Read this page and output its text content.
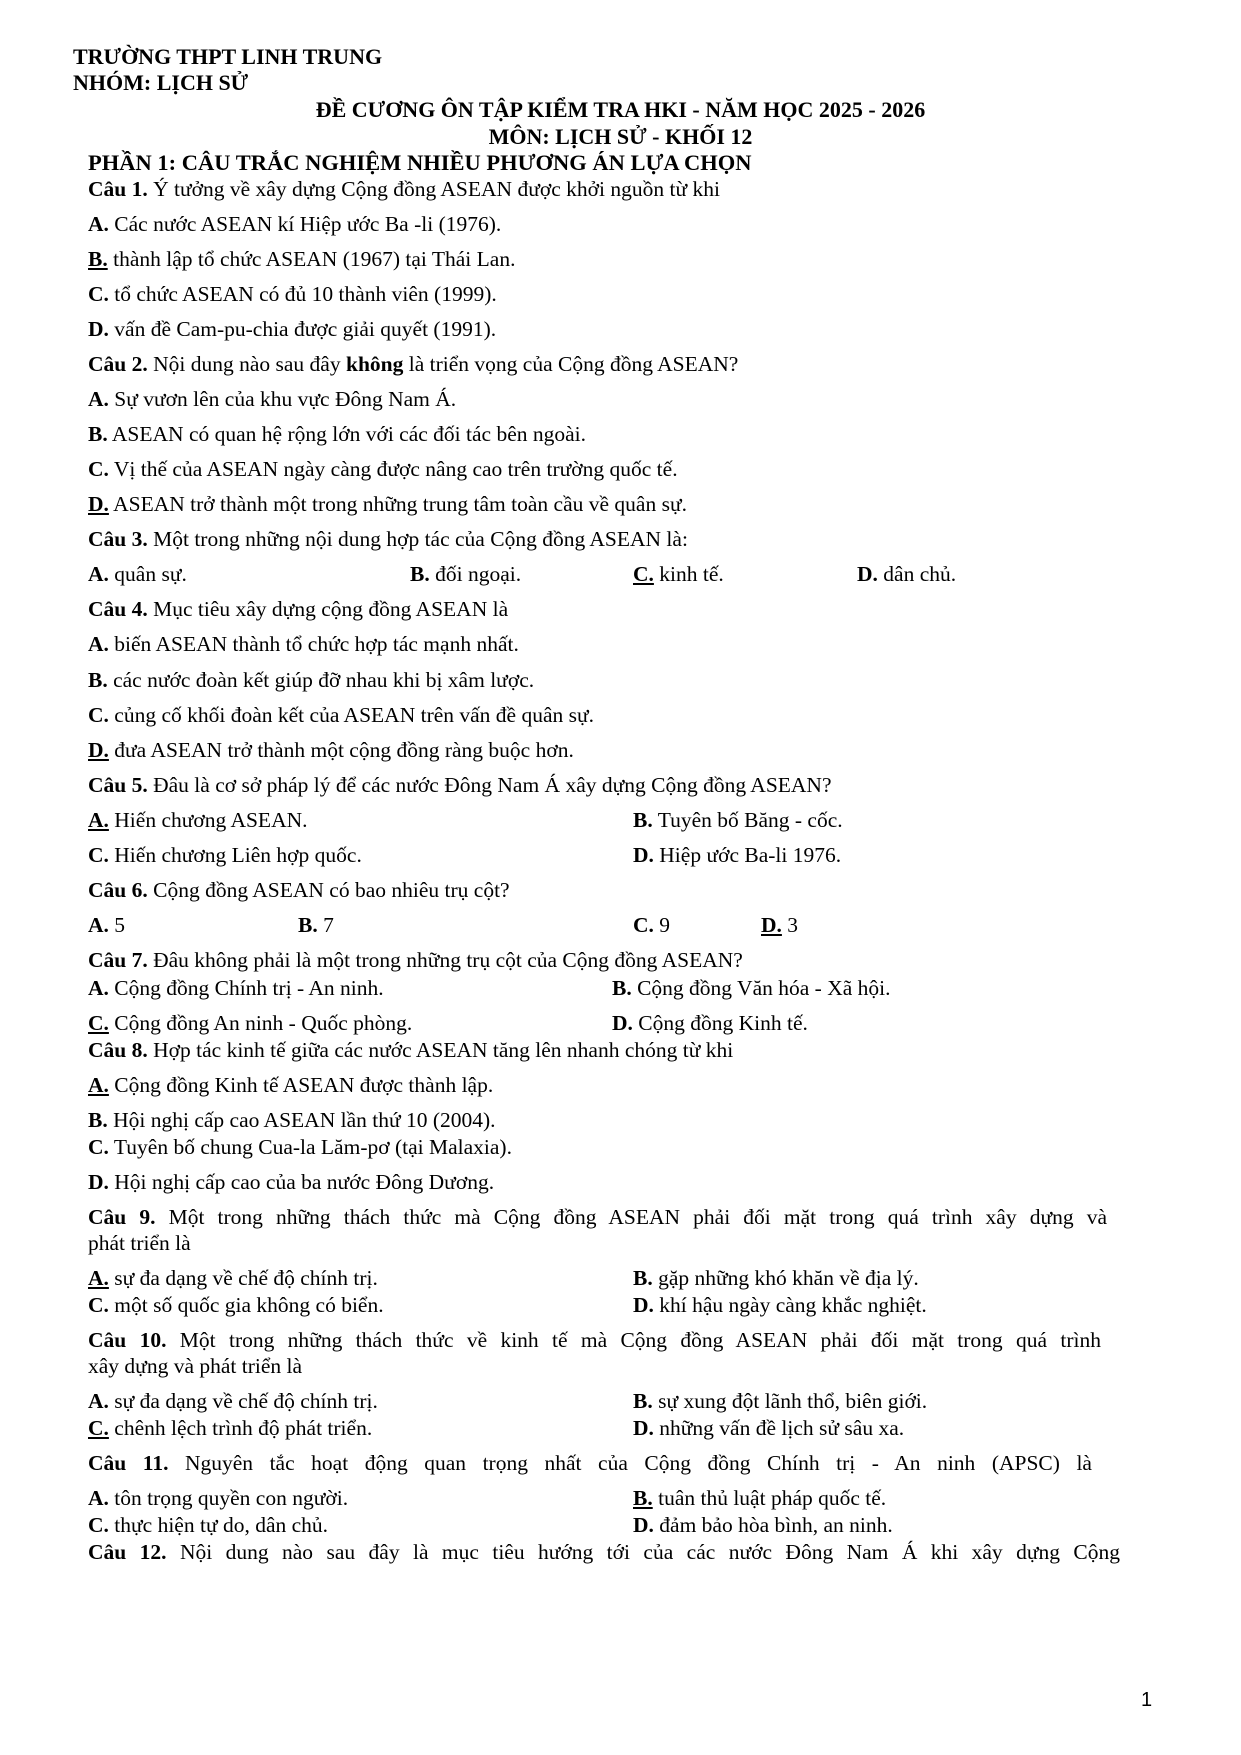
TRƯỜNG THPT LINH TRUNG
NHÓM: LỊCH SỬ
ĐỀ CƯƠNG ÔN TẬP KIỂM TRA HKI - NĂM HỌC 2025 - 2026
MÔN: LỊCH SỬ - KHỐI 12
PHẦN 1: CÂU TRẮC NGHIỆM NHIỀU PHƯƠNG ÁN LỰA CHỌN
Câu 1. Ý tưởng về xây dựng Cộng đồng ASEAN được khởi nguồn từ khi
A. Các nước ASEAN kí Hiệp ước Ba -li (1976).
B. thành lập tổ chức ASEAN (1967) tại Thái Lan.
C. tổ chức ASEAN có đủ 10 thành viên (1999).
D. vấn đề Cam-pu-chia được giải quyết (1991).
Câu 2. Nội dung nào sau đây không là triển vọng của Cộng đồng ASEAN?
A. Sự vươn lên của khu vực Đông Nam Á.
B. ASEAN có quan hệ rộng lớn với các đối tác bên ngoài.
C. Vị thế của ASEAN ngày càng được nâng cao trên trường quốc tế.
D. ASEAN trở thành một trong những trung tâm toàn cầu về quân sự.
Câu 3. Một trong những nội dung hợp tác của Cộng đồng ASEAN là:
A. quân sự.	B. đối ngoại.	C. kinh tế.	D. dân chủ.
Câu 4. Mục tiêu xây dựng cộng đồng ASEAN là
A. biến ASEAN thành tổ chức hợp tác mạnh nhất.
B. các nước đoàn kết giúp đỡ nhau khi bị xâm lược.
C. củng cố khối đoàn kết của ASEAN trên vấn đề quân sự.
D. đưa ASEAN trở thành một cộng đồng ràng buộc hơn.
Câu 5. Đâu là cơ sở pháp lý để các nước Đông Nam Á xây dựng Cộng đồng ASEAN?
A. Hiến chương ASEAN.	B. Tuyên bố Băng - cốc.
C. Hiến chương Liên hợp quốc.	D. Hiệp ước Ba-li 1976.
Câu 6. Cộng đồng ASEAN có bao nhiêu trụ cột?
A. 5	B. 7	C. 9	D. 3
Câu 7. Đâu không phải là một trong những trụ cột của Cộng đồng ASEAN?
A. Cộng đồng Chính trị - An ninh.	B. Cộng đồng Văn hóa - Xã hội.
C. Cộng đồng An ninh - Quốc phòng.	D. Cộng đồng Kinh tế.
Câu 8. Hợp tác kinh tế giữa các nước ASEAN tăng lên nhanh chóng từ khi
A. Cộng đồng Kinh tế ASEAN được thành lập.
B. Hội nghị cấp cao ASEAN lần thứ 10 (2004).
C. Tuyên bố chung Cua-la Lăm-pơ (tại Malaxia).
D. Hội nghị cấp cao của ba nước Đông Dương.
Câu 9. Một trong những thách thức mà Cộng đồng ASEAN phải đối mặt trong quá trình xây dựng và
phát triển là
A. sự đa dạng về chế độ chính trị.	B. gặp những khó khăn về địa lý.
C. một số quốc gia không có biển.	D. khí hậu ngày càng khắc nghiệt.
Câu 10. Một trong những thách thức về kinh tế mà Cộng đồng ASEAN phải đối mặt trong quá trình
xây dựng và phát triển là
A. sự đa dạng về chế độ chính trị.	B. sự xung đột lãnh thổ, biên giới.
C. chênh lệch trình độ phát triển.	D. những vấn đề lịch sử sâu xa.
Câu 11. Nguyên tắc hoạt động quan trọng nhất của Cộng đồng Chính trị - An ninh (APSC) là
A. tôn trọng quyền con người.	B. tuân thủ luật pháp quốc tế.
C. thực hiện tự do, dân chủ.	D. đảm bảo hòa bình, an ninh.
Câu 12. Nội dung nào sau đây là mục tiêu hướng tới của các nước Đông Nam Á khi xây dựng Cộng
1
